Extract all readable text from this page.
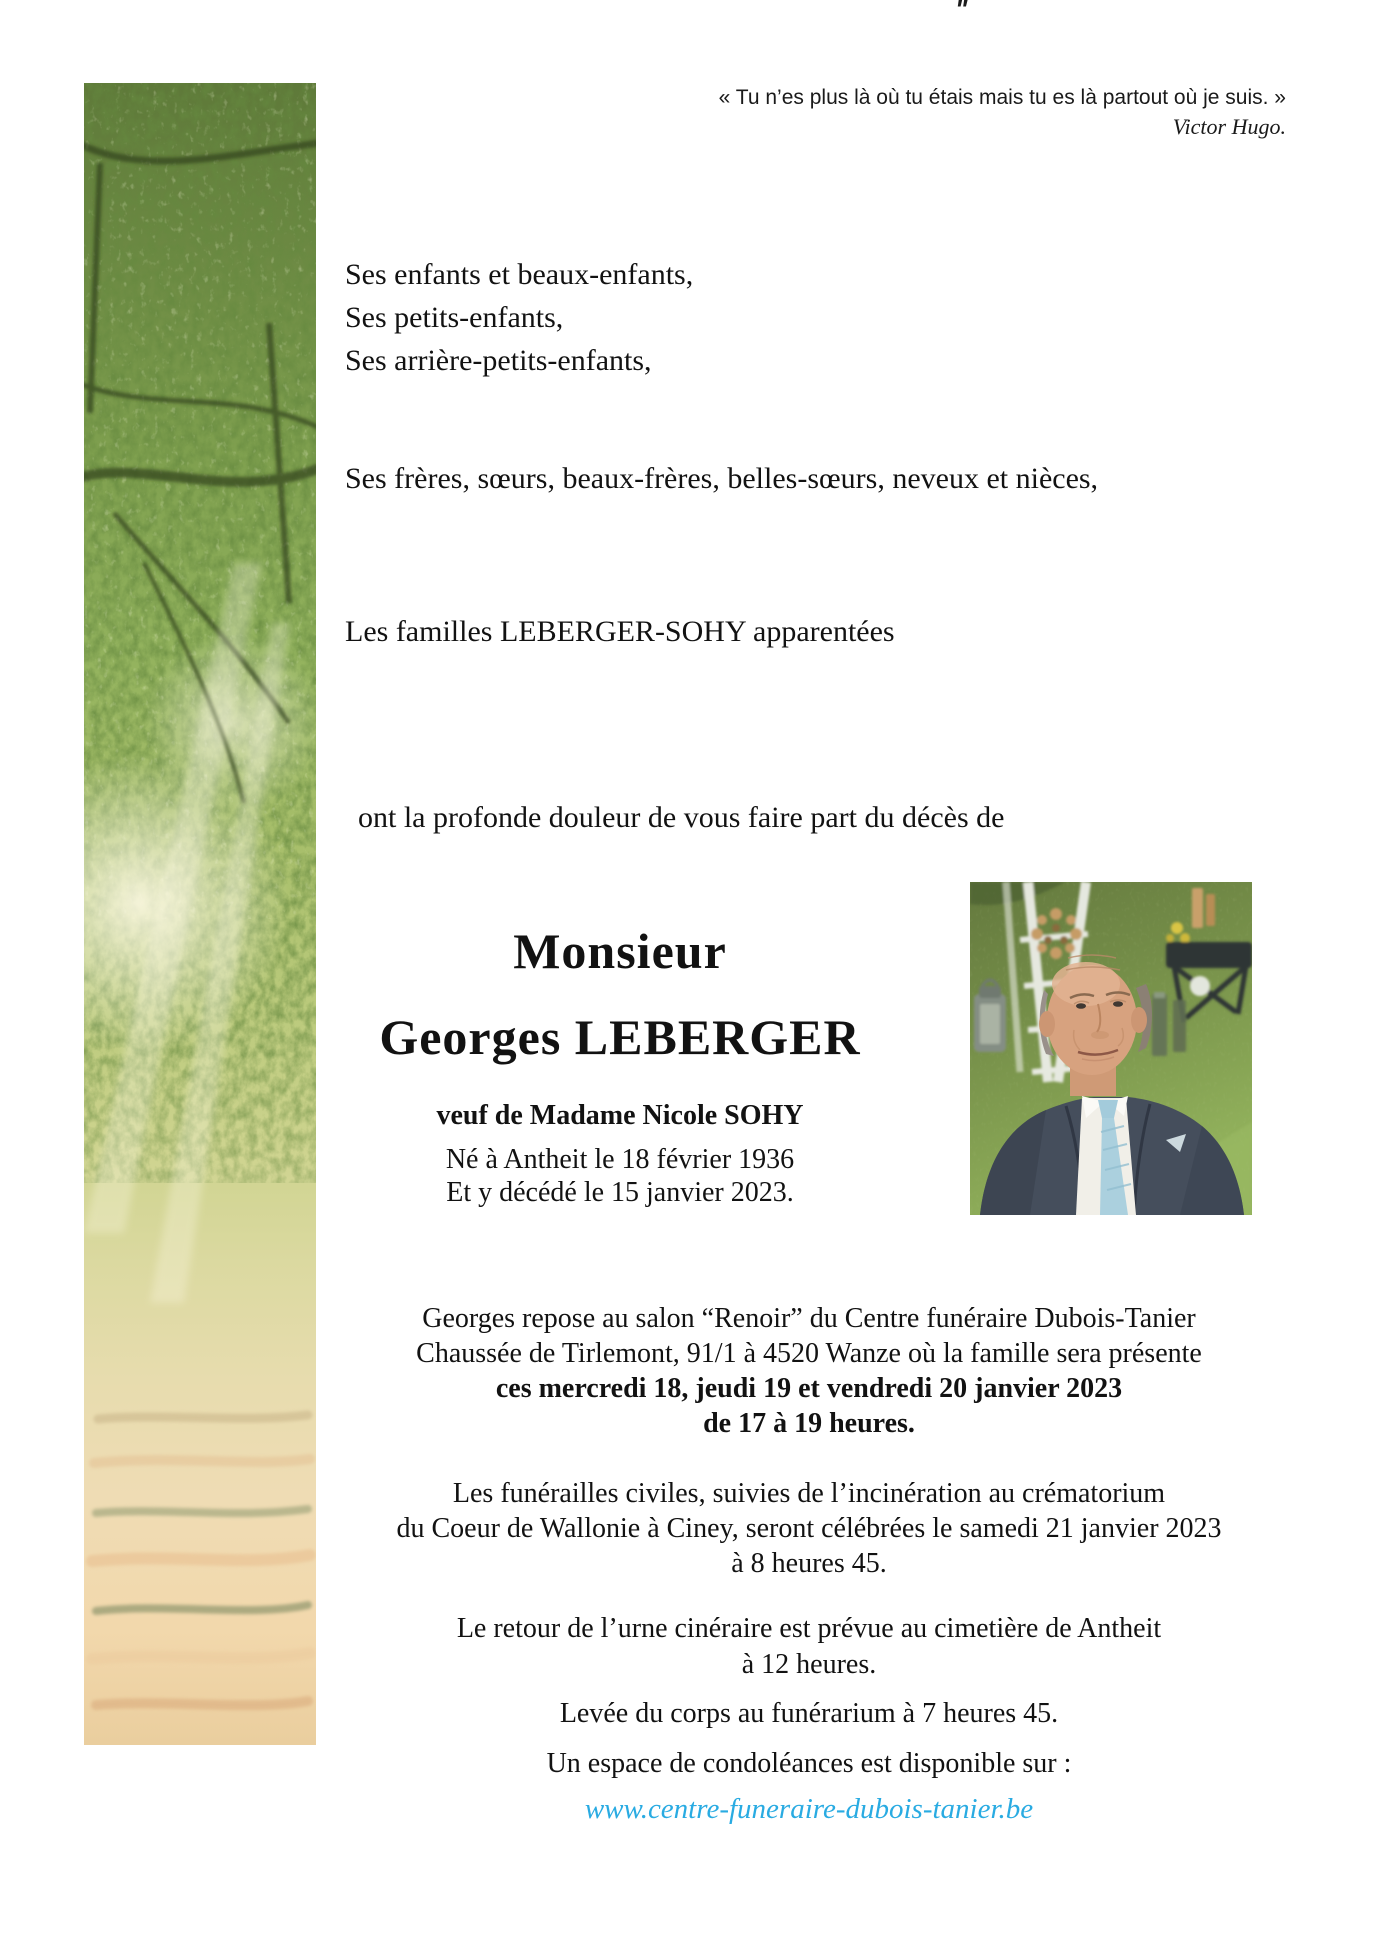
"
« Tu n’es plus là où tu étais mais tu es là partout où je suis. »
Victor Hugo.
Ses enfants et beaux-enfants,
Ses petits-enfants,
Ses arrière-petits-enfants,
Ses frères, sœurs, beaux-frères, belles-sœurs, neveux et nièces,
Les familles LEBERGER-SOHY apparentées
ont la profonde douleur de vous faire part du décès de
Monsieur
Georges LEBERGER
veuf de Madame Nicole SOHY
Né à Antheit le 18 février 1936
Et y décédé le 15 janvier 2023.
Georges repose au salon “Renoir” du Centre funéraire Dubois-Tanier
Chaussée de Tirlemont, 91/1 à 4520 Wanze où la famille sera présente
ces mercredi 18, jeudi 19 et vendredi 20 janvier 2023
de 17 à 19 heures.
Les funérailles civiles, suivies de l’incinération au crématorium
du Coeur de Wallonie à Ciney, seront célébrées le samedi 21 janvier 2023
à 8 heures 45.
Le retour de l’urne cinéraire est prévue au cimetière de Antheit
à 12 heures.
Levée du corps au funérarium à 7 heures 45.
Un espace de condoléances est disponible sur :
www.centre-funeraire-dubois-tanier.be
